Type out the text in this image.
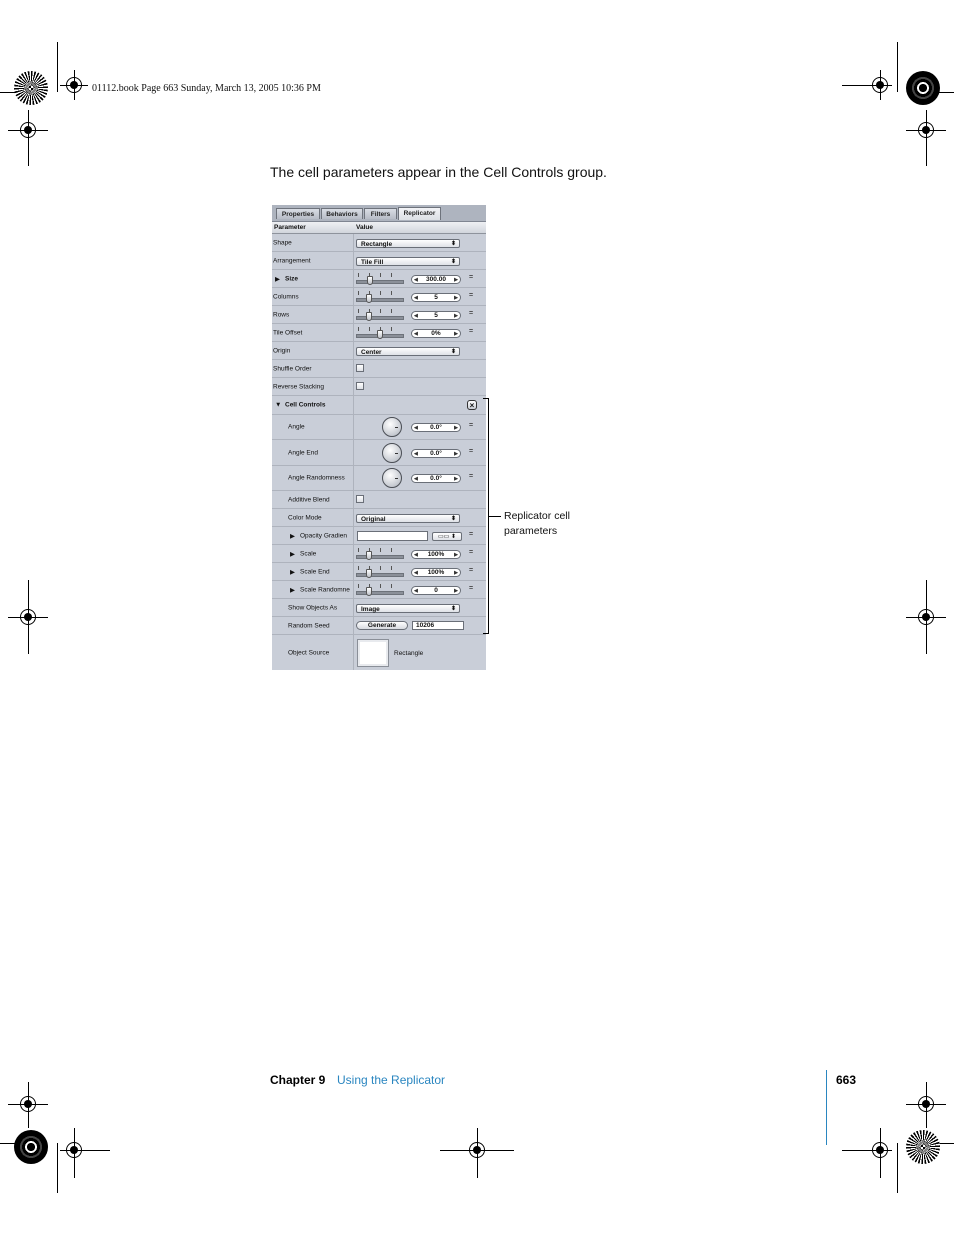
01112.book Page 663 Sunday, March 13, 2005 10:36 PM
The cell parameters appear in the Cell Controls group.
Properties	Behaviors	Filters	Replicator
Parameter	Value
Shape	Rectangle	⬍
Arrangement	Tile Fill	⬍
▶ Size	◀ 300.00 ▶ =
Columns	◀	5	▶ =
Rows	◀	5	▶ =
Tile Offset	◀ 0%	▶ =
Origin	Center	⬍
Shuffle Order
Reverse Stacking
▼ Cell Controls	×
Angle	◀ 0.0° ▶ =
Angle End	◀ 0.0° ▶ =
Angle Randomness	◀ 0.0° ▶ =
Additive Blend
Color Mode	Original	⬍
▶ Opacity Gradien	▭▭ ⬍	=
▶ Scale	◀ 100% ▶ =
▶ Scale End	◀ 100% ▶ =
▶ Scale Randomne	◀	0	▶ =
Show Objects As	Image	⬍
Random Seed	Generate	10206
Object Source	Rectangle
Replicator cell
parameters
Chapter 9 Using the Replicator	663
